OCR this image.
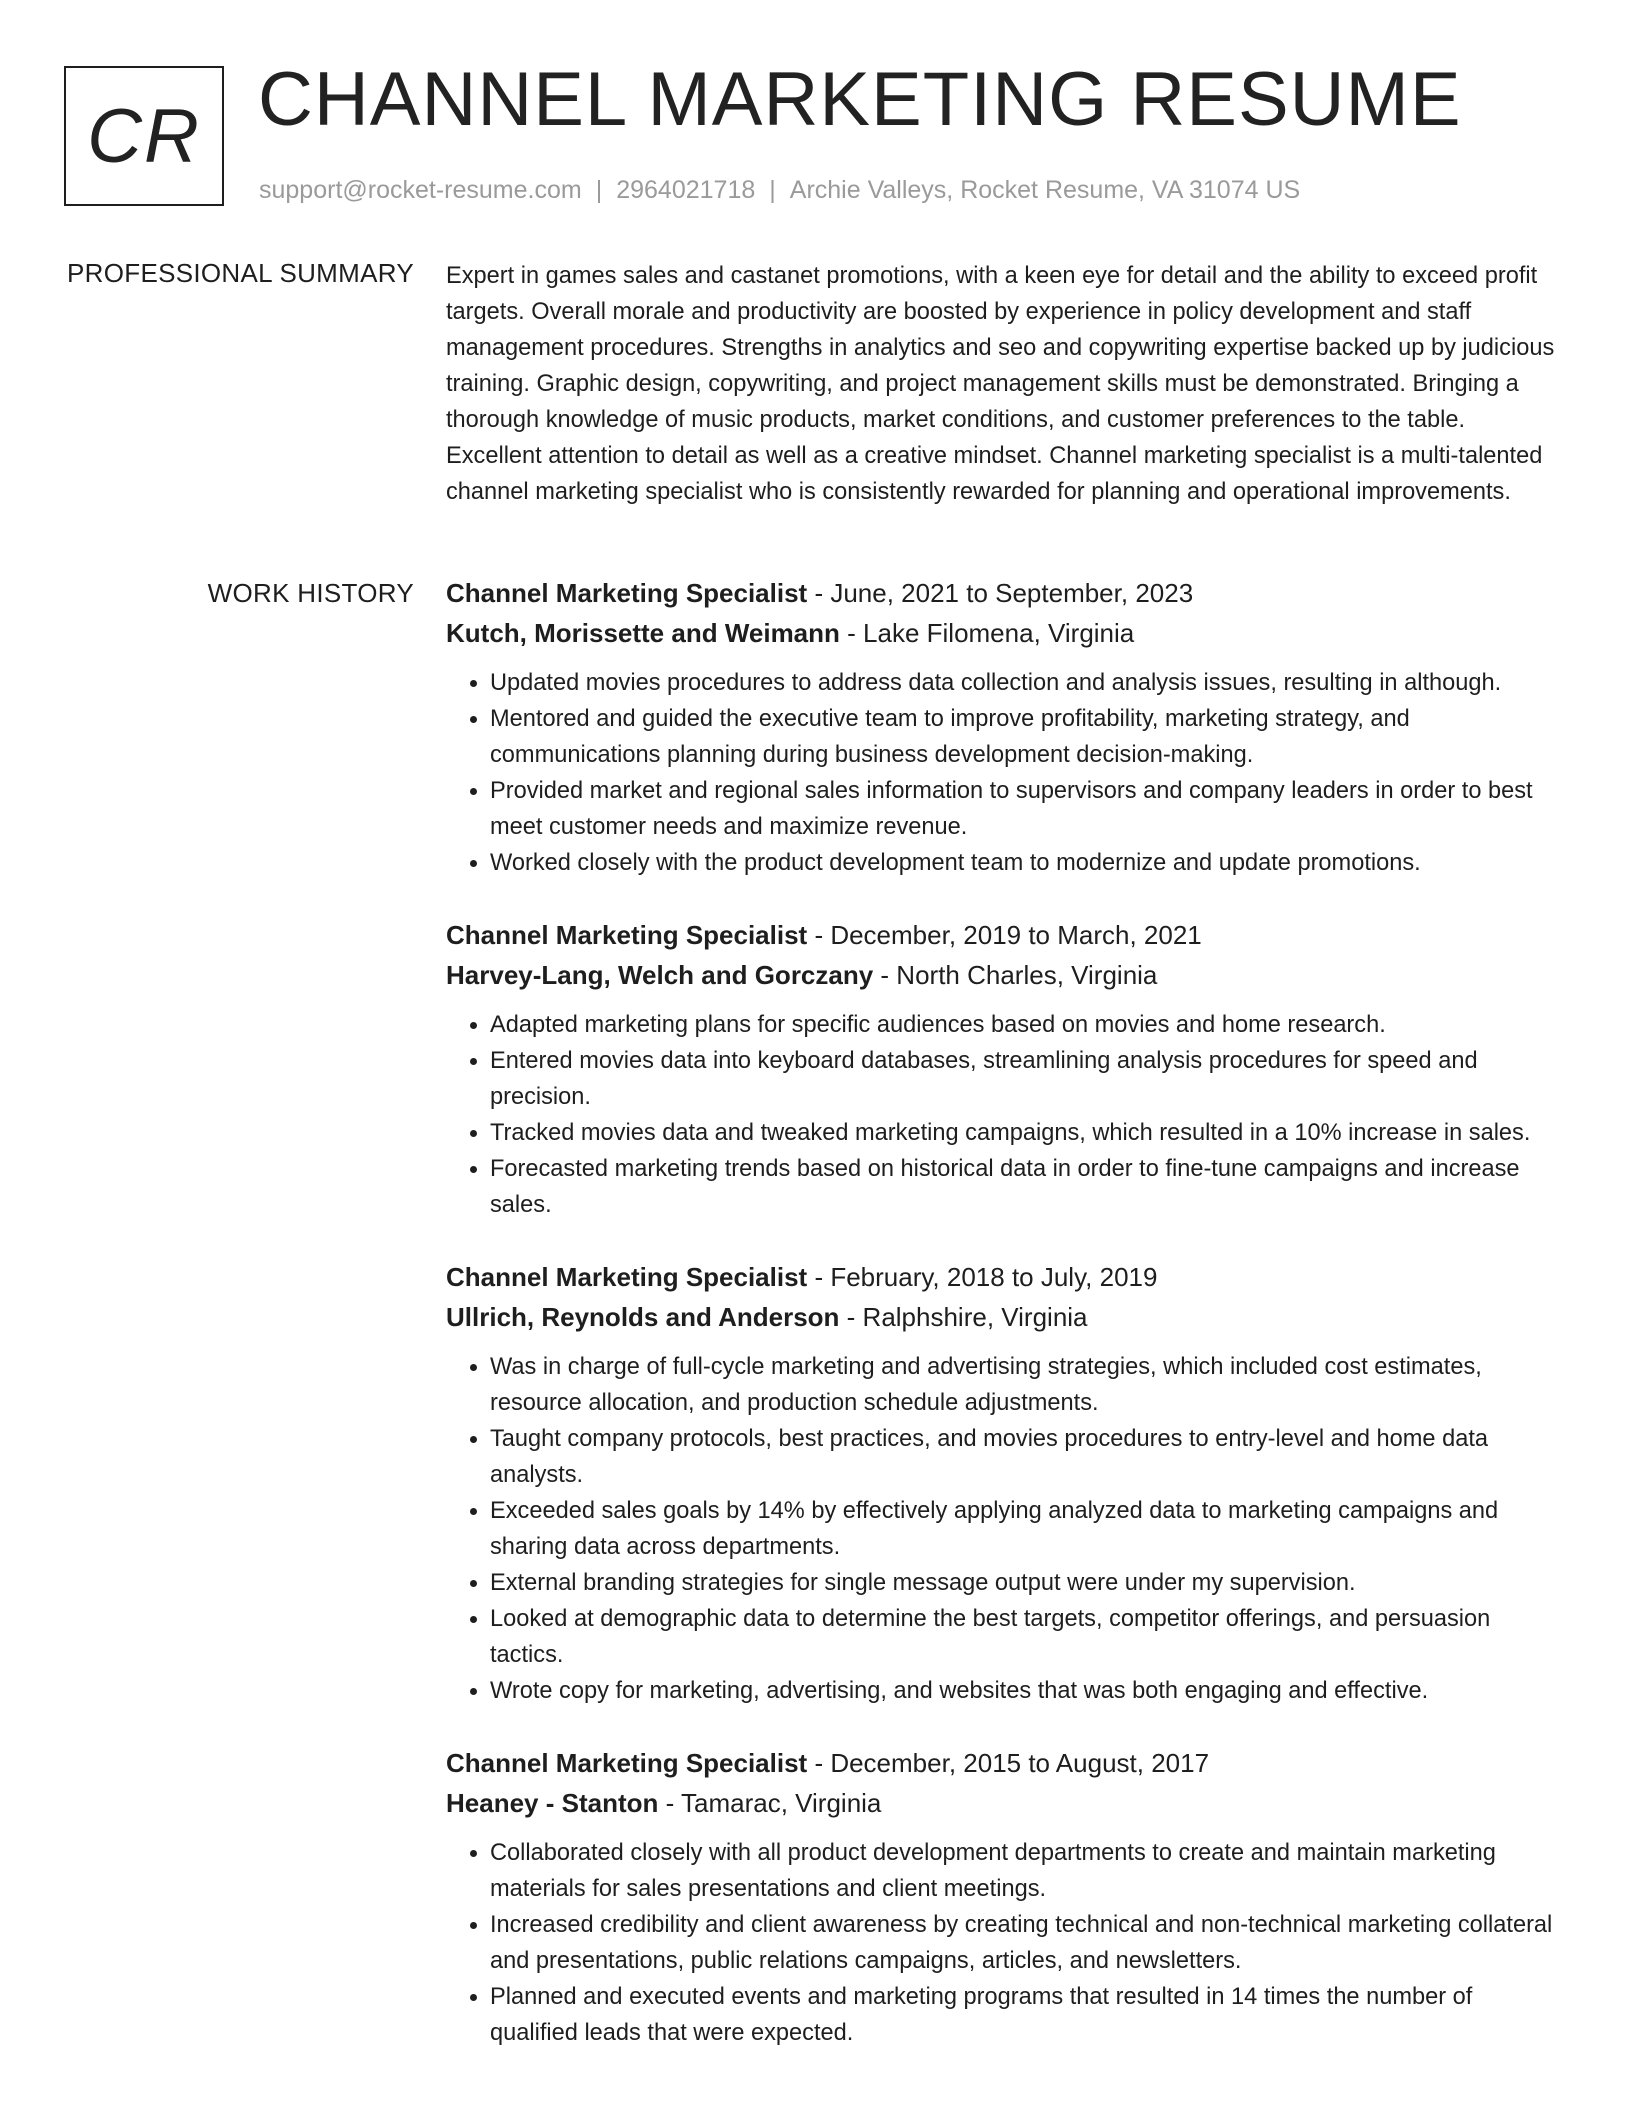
CR CHANNEL MARKETING RESUME
support@rocket-resume.com | 2964021718 | Archie Valleys, Rocket Resume, VA 31074 US
PROFESSIONAL SUMMARY Expert in games sales and castanet promotions, with a keen eye for detail and the ability to exceed profit targets. Overall morale and productivity are boosted by experience in policy development and staff management procedures. Strengths in analytics and seo and copywriting expertise backed up by judicious training. Graphic design, copywriting, and project management skills must be demonstrated. Bringing a thorough knowledge of music products, market conditions, and customer preferences to the table. Excellent attention to detail as well as a creative mindset. Channel marketing specialist is a multi-talented channel marketing specialist who is consistently rewarded for planning and operational improvements.

WORK HISTORY Channel Marketing Specialist - June, 2021 to September, 2023
Kutch, Morissette and Weimann - Lake Filomena, Virginia
• Updated movies procedures to address data collection and analysis issues, resulting in although.
• Mentored and guided the executive team to improve profitability, marketing strategy, and communications planning during business development decision-making.
• Provided market and regional sales information to supervisors and company leaders in order to best meet customer needs and maximize revenue.
• Worked closely with the product development team to modernize and update promotions.
Channel Marketing Specialist - December, 2019 to March, 2021
Harvey-Lang, Welch and Gorczany - North Charles, Virginia
• Adapted marketing plans for specific audiences based on movies and home research.
• Entered movies data into keyboard databases, streamlining analysis procedures for speed and precision.
• Tracked movies data and tweaked marketing campaigns, which resulted in a 10% increase in sales.
• Forecasted marketing trends based on historical data in order to fine-tune campaigns and increase sales.
Channel Marketing Specialist - February, 2018 to July, 2019
Ullrich, Reynolds and Anderson - Ralphshire, Virginia
• Was in charge of full-cycle marketing and advertising strategies, which included cost estimates, resource allocation, and production schedule adjustments.
• Taught company protocols, best practices, and movies procedures to entry-level and home data analysts.
• Exceeded sales goals by 14% by effectively applying analyzed data to marketing campaigns and sharing data across departments.
• External branding strategies for single message output were under my supervision.
• Looked at demographic data to determine the best targets, competitor offerings, and persuasion tactics.
• Wrote copy for marketing, advertising, and websites that was both engaging and effective.
Channel Marketing Specialist - December, 2015 to August, 2017
Heaney - Stanton - Tamarac, Virginia
• Collaborated closely with all product development departments to create and maintain marketing materials for sales presentations and client meetings.
• Increased credibility and client awareness by creating technical and non-technical marketing collateral and presentations, public relations campaigns, articles, and newsletters.
• Planned and executed events and marketing programs that resulted in 14 times the number of qualified leads that were expected.
